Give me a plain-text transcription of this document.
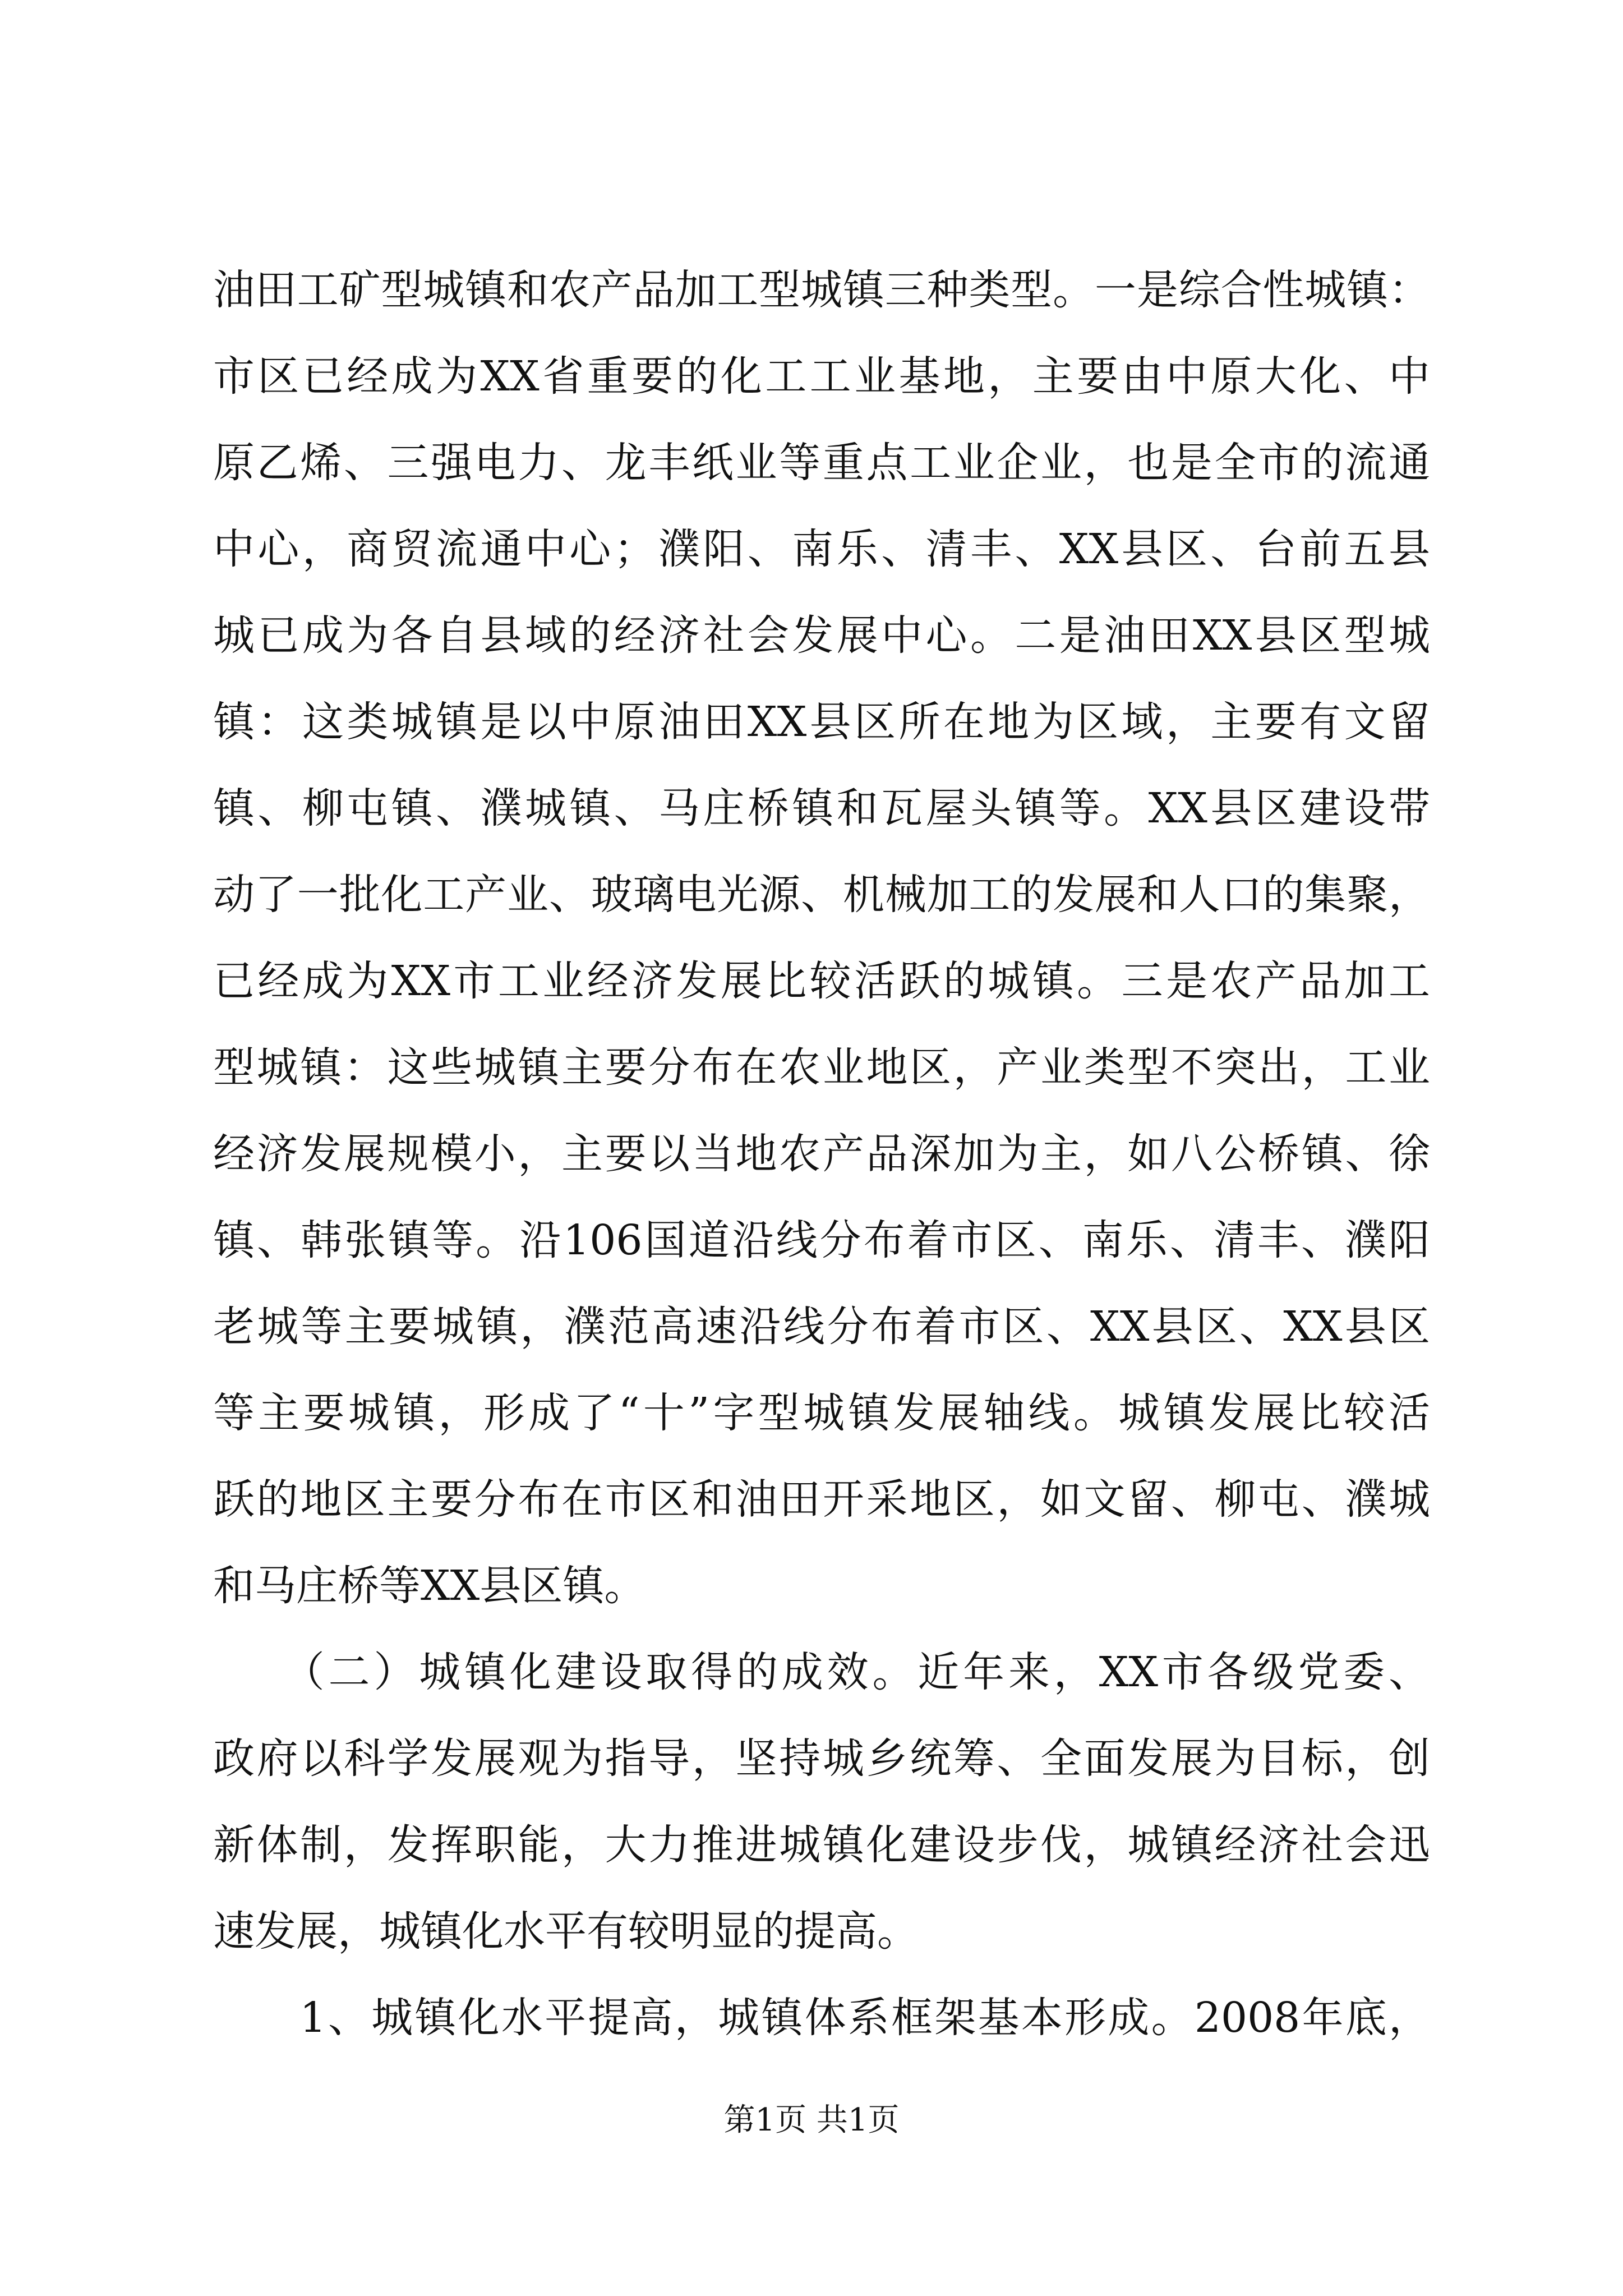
油田工矿型城镇和农产品加工型城镇三种类型。一是综合性城镇：
市区已经成为XX省重要的化工工业基地，主要由中原大化、中
原乙烯、三强电力、龙丰纸业等重点工业企业，也是全市的流通
中心，商贸流通中心；濮阳、南乐、清丰、XX县区、台前五县
城已成为各自县域的经济社会发展中心。二是油田XX县区型城
镇：这类城镇是以中原油田XX县区所在地为区域，主要有文留
镇、柳屯镇、濮城镇、马庄桥镇和瓦屋头镇等。XX县区建设带
动了一批化工产业、玻璃电光源、机械加工的发展和人口的集聚，
已经成为XX市工业经济发展比较活跃的城镇。三是农产品加工
型城镇：这些城镇主要分布在农业地区，产业类型不突出，工业
经济发展规模小，主要以当地农产品深加为主，如八公桥镇、徐
镇、韩张镇等。沿106国道沿线分布着市区、南乐、清丰、濮阳
老城等主要城镇，濮范高速沿线分布着市区、XX县区、XX县区
等主要城镇，形成了“十”字型城镇发展轴线。城镇发展比较活
跃的地区主要分布在市区和油田开采地区，如文留、柳屯、濮城
和马庄桥等XX县区镇。
　　（二）城镇化建设取得的成效。近年来，XX市各级党委、
政府以科学发展观为指导，坚持城乡统筹、全面发展为目标，创
新体制，发挥职能，大力推进城镇化建设步伐，城镇经济社会迅
速发展，城镇化水平有较明显的提高。
　　1、城镇化水平提高，城镇体系框架基本形成。2008年底，
第1页 共1页
